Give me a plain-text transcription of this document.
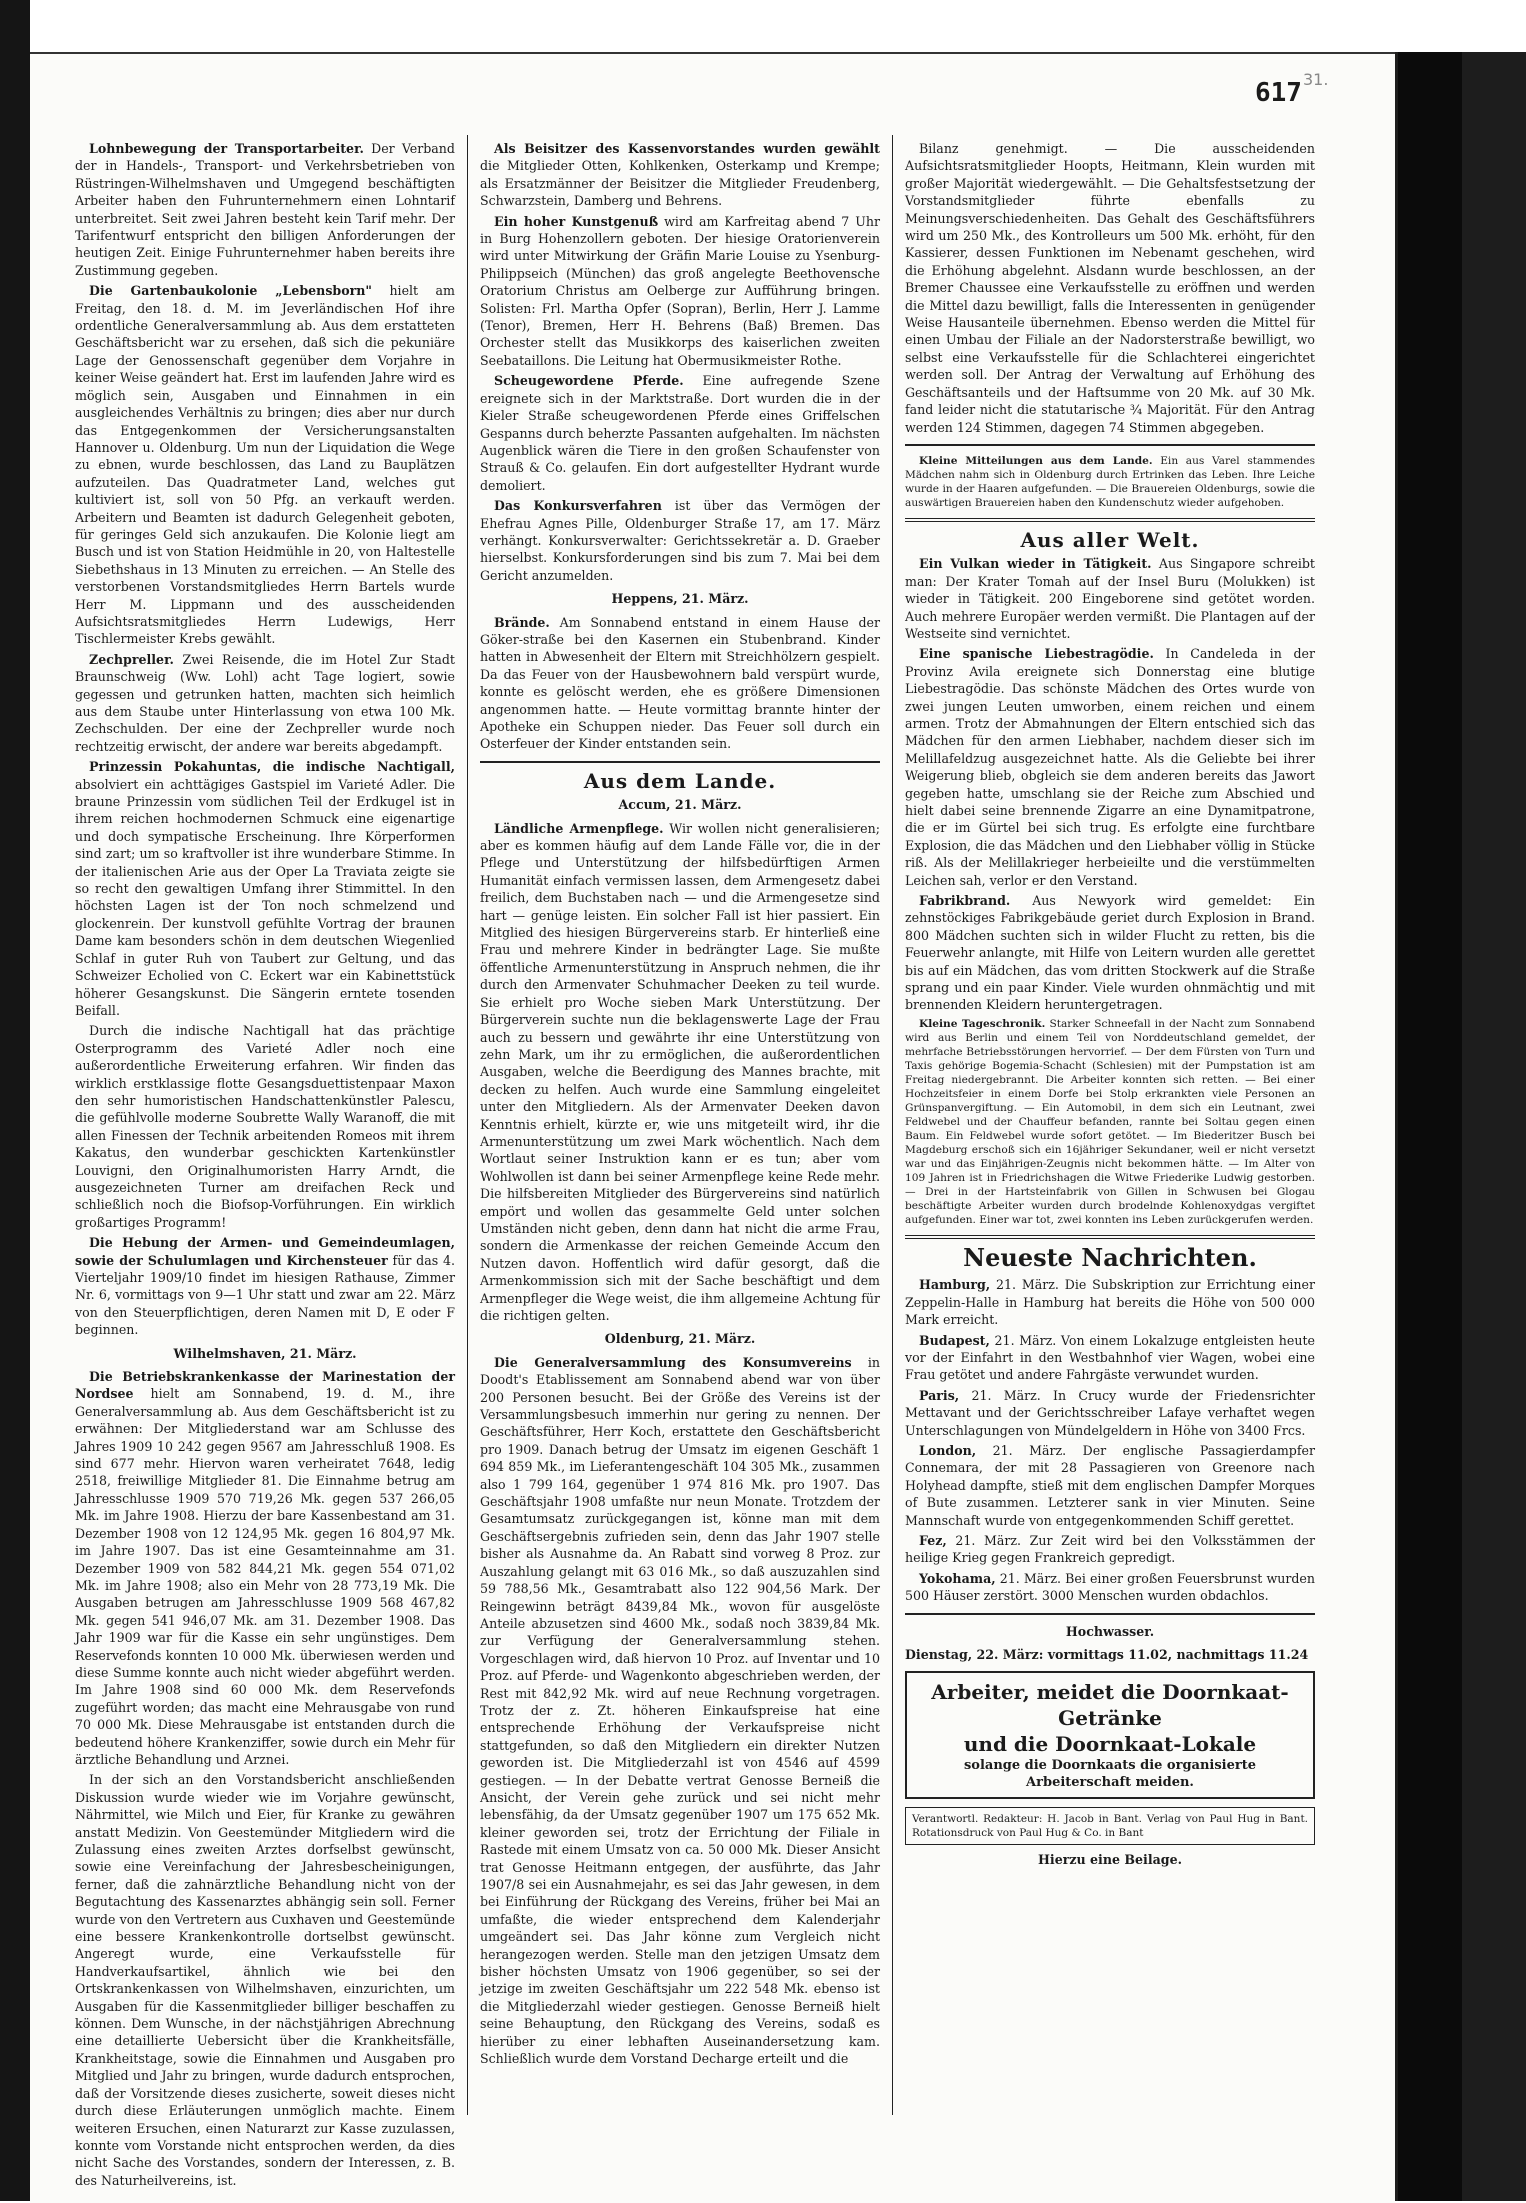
617 31.

Lohnbewegung der Transportarbeiter. Der Verband der in Handels-, Transport- und Verkehrsbetrieben von Rüstringen-Wilhelmshaven und Umgegend beschäftigten Arbeiter haben den Fuhrunternehmern einen Lohntarif unterbreitet. Seit zwei Jahren besteht kein Tarif mehr. Der Tarifentwurf entspricht den billigen Anforderungen der heutigen Zeit. Einige Fuhrunternehmer haben bereits ihre Zustimmung gegeben.

Die Gartenbaukolonie „Lebensborn" hielt am Freitag, den 18. d. M. im Jeverländischen Hof ihre ordentliche Generalversammlung ab. Aus dem erstatteten Geschäftsbericht war zu ersehen, daß sich die pekuniäre Lage der Genossenschaft gegenüber dem Vorjahre in keiner Weise geändert hat. Erst im laufenden Jahre wird es möglich sein, Ausgaben und Einnahmen in ein ausgleichendes Verhältnis zu bringen; dies aber nur durch das Entgegenkommen der Versicherungsanstalten Hannover u. Oldenburg. Um nun der Liquidation die Wege zu ebnen, wurde beschlossen, das Land zu Bauplätzen aufzuteilen. Das Quadratmeter Land, welches gut kultiviert ist, soll von 50 Pfg. an verkauft werden. Arbeitern und Beamten ist dadurch Gelegenheit geboten, für geringes Geld sich anzukaufen. Die Kolonie liegt am Busch und ist von Station Heidmühle in 20, von Haltestelle Siebethshaus in 13 Minuten zu erreichen. — An Stelle des verstorbenen Vorstandsmitgliedes Herrn Bartels wurde Herr M. Lippmann und des ausscheidenden Aufsichtsratsmitgliedes Herrn Ludewigs, Herr Tischlermeister Krebs gewählt.

Zechpreller. Zwei Reisende, die im Hotel Zur Stadt Braunschweig (Ww. Lohl) acht Tage logiert, sowie gegessen und getrunken hatten, machten sich heimlich aus dem Staube unter Hinterlassung von etwa 100 Mk. Zechschulden. Der eine der Zechpreller wurde noch rechtzeitig erwischt, der andere war bereits abgedampft.

Prinzessin Pokahuntas, die indische Nachtigall, absolviert ein achttägiges Gastspiel im Varieté Adler. Die braune Prinzessin vom südlichen Teil der Erdkugel ist in ihrem reichen hochmodernen Schmuck eine eigenartige und doch sympatische Erscheinung. Ihre Körperformen sind zart; um so kraftvoller ist ihre wunderbare Stimme. In der italienischen Arie aus der Oper La Traviata zeigte sie so recht den gewaltigen Umfang ihrer Stimmittel. In den höchsten Lagen ist der Ton noch schmelzend und glockenrein. Der kunstvoll gefühlte Vortrag der braunen Dame kam besonders schön in dem deutschen Wiegenlied Schlaf in guter Ruh von Taubert zur Geltung, und das Schweizer Echolied von C. Eckert war ein Kabinettstück höherer Gesangskunst. Die Sängerin erntete tosenden Beifall.

Durch die indische Nachtigall hat das prächtige Osterprogramm des Varieté Adler noch eine außerordentliche Erweiterung erfahren. Wir finden das wirklich erstklassige flotte Gesangsduettistenpaar Maxon den sehr humoristischen Handschattenkünstler Palescu, die gefühlvolle moderne Soubrette Wally Waranoff, die mit allen Finessen der Technik arbeitenden Romeos mit ihrem Kakatus, den wunderbar geschickten Kartenkünstler Louvigni, den Originalhumoristen Harry Arndt, die ausgezeichneten Turner am dreifachen Reck und schließlich noch die Biofsop-Vorführungen. Ein wirklich großartiges Programm!

Die Hebung der Armen- und Gemeindeumlagen, sowie der Schulumlagen und Kirchensteuer für das 4. Vierteljahr 1909/10 findet im hiesigen Rathause, Zimmer Nr. 6, vormittags von 9—1 Uhr statt und zwar am 22. März von den Steuerpflichtigen, deren Namen mit D, E oder F beginnen.

Wilhelmshaven, 21. März.

Die Betriebskrankenkasse der Marinestation der Nordsee hielt am Sonnabend, 19. d. M., ihre Generalversammlung ab. Aus dem Geschäftsbericht ist zu erwähnen: Der Mitgliederstand war am Schlusse des Jahres 1909 10 242 gegen 9567 am Jahresschluß 1908. Es sind 677 mehr. Hiervon waren verheiratet 7648, ledig 2518, freiwillige Mitglieder 81. Die Einnahme betrug am Jahresschlusse 1909 570 719,26 Mk. gegen 537 266,05 Mk. im Jahre 1908. Hierzu der bare Kassenbestand am 31. Dezember 1908 von 12 124,95 Mk. gegen 16 804,97 Mk. im Jahre 1907. Das ist eine Gesamteinnahme am 31. Dezember 1909 von 582 844,21 Mk. gegen 554 071,02 Mk. im Jahre 1908; also ein Mehr von 28 773,19 Mk. Die Ausgaben betrugen am Jahresschlusse 1909 568 467,82 Mk. gegen 541 946,07 Mk. am 31. Dezember 1908. Das Jahr 1909 war für die Kasse ein sehr ungünstiges. Dem Reservefonds konnten 10 000 Mk. überwiesen werden und diese Summe konnte auch nicht wieder abgeführt werden. Im Jahre 1908 sind 60 000 Mk. dem Reservefonds zugeführt worden; das macht eine Mehrausgabe von rund 70 000 Mk. Diese Mehrausgabe ist entstanden durch die bedeutend höhere Krankenziffer, sowie durch ein Mehr für ärztliche Behandlung und Arznei.

In der sich an den Vorstandsbericht anschließenden Diskussion wurde wieder wie im Vorjahre gewünscht, Nährmittel, wie Milch und Eier, für Kranke zu gewähren anstatt Medizin. Von Geestemünder Mitgliedern wird die Zulassung eines zweiten Arztes dorfselbst gewünscht, sowie eine Vereinfachung der Jahresbescheinigungen, ferner, daß die zahnärztliche Behandlung nicht von der Begutachtung des Kassenarztes abhängig sein soll. Ferner wurde von den Vertretern aus Cuxhaven und Geestemünde eine bessere Krankenkontrolle dortselbst gewünscht. Angeregt wurde, eine Verkaufsstelle für Handverkaufsartikel, ähnlich wie bei den Ortskrankenkassen von Wilhelmshaven, einzurichten, um Ausgaben für die Kassenmitglieder billiger beschaffen zu können. Dem Wunsche, in der nächstjährigen Abrechnung eine detaillierte Uebersicht über die Krankheitsfälle, Krankheitstage, sowie die Einnahmen und Ausgaben pro Mitglied und Jahr zu bringen, wurde dadurch entsprochen, daß der Vorsitzende dieses zusicherte, soweit dieses nicht durch diese Erläuterungen unmöglich machte. Einem weiteren Ersuchen, einen Naturarzt zur Kasse zuzulassen, konnte vom Vorstande nicht entsprochen werden, da dies nicht Sache des Vorstandes, sondern der Interessen, z. B. des Naturheilvereins, ist.

Als Beisitzer des Kassenvorstandes wurden gewählt die Mitglieder Otten, Kohlkenken, Osterkamp und Krempe; als Ersatzmänner der Beisitzer die Mitglieder Freudenberg, Schwarzstein, Damberg und Behrens.

Ein hoher Kunstgenuß wird am Karfreitag abend 7 Uhr in Burg Hohenzollern geboten. Der hiesige Oratorienverein wird unter Mitwirkung der Gräfin Marie Louise zu Ysenburg-Philippseich (München) das groß angelegte Beethovensche Oratorium Christus am Oelberge zur Aufführung bringen. Solisten: Frl. Martha Opfer (Sopran), Berlin, Herr J. Lamme (Tenor), Bremen, Herr H. Behrens (Baß) Bremen. Das Orchester stellt das Musikkorps des kaiserlichen zweiten Seebataillons. Die Leitung hat Obermusikmeister Rothe.

Scheugewordene Pferde. Eine aufregende Szene ereignete sich in der Marktstraße. Dort wurden die in der Kieler Straße scheugewordenen Pferde eines Griffelschen Gespanns durch beherzte Passanten aufgehalten. Im nächsten Augenblick wären die Tiere in den großen Schaufenster von Strauß & Co. gelaufen. Ein dort aufgestellter Hydrant wurde demoliert.

Das Konkursverfahren ist über das Vermögen der Ehefrau Agnes Pille, Oldenburger Straße 17, am 17. März verhängt. Konkursverwalter: Gerichtssekretär a. D. Graeber hierselbst. Konkursforderungen sind bis zum 7. Mai bei dem Gericht anzumelden.

Heppens, 21. März.

Brände. Am Sonnabend entstand in einem Hause der Göker-straße bei den Kasernen ein Stubenbrand. Kinder hatten in Abwesenheit der Eltern mit Streichhölzern gespielt. Da das Feuer von der Hausbewohnern bald verspürt wurde, konnte es gelöscht werden, ehe es größere Dimensionen angenommen hatte. — Heute vormittag brannte hinter der Apotheke ein Schuppen nieder. Das Feuer soll durch ein Osterfeuer der Kinder entstanden sein.

Aus dem Lande.

Accum, 21. März.

Ländliche Armenpflege. Wir wollen nicht generalisieren; aber es kommen häufig auf dem Lande Fälle vor, die in der Pflege und Unterstützung der hilfsbedürftigen Armen Humanität einfach vermissen lassen, dem Armengesetz dabei freilich, dem Buchstaben nach — und die Armengesetze sind hart — genüge leisten. Ein solcher Fall ist hier passiert. Ein Mitglied des hiesigen Bürgervereins starb. Er hinterließ eine Frau und mehrere Kinder in bedrängter Lage. Sie mußte öffentliche Armenunterstützung in Anspruch nehmen, die ihr durch den Armenvater Schuhmacher Deeken zu teil wurde. Sie erhielt pro Woche sieben Mark Unterstützung. Der Bürgerverein suchte nun die beklagenswerte Lage der Frau auch zu bessern und gewährte ihr eine Unterstützung von zehn Mark, um ihr zu ermöglichen, die außerordentlichen Ausgaben, welche die Beerdigung des Mannes brachte, mit decken zu helfen. Auch wurde eine Sammlung eingeleitet unter den Mitgliedern. Als der Armenvater Deeken davon Kenntnis erhielt, kürzte er, wie uns mitgeteilt wird, ihr die Armenunterstützung um zwei Mark wöchentlich. Nach dem Wortlaut seiner Instruktion kann er es tun; aber vom Wohlwollen ist dann bei seiner Armenpflege keine Rede mehr. Die hilfsbereiten Mitglieder des Bürgervereins sind natürlich empört und wollen das gesammelte Geld unter solchen Umständen nicht geben, denn dann hat nicht die arme Frau, sondern die Armenkasse der reichen Gemeinde Accum den Nutzen davon. Hoffentlich wird dafür gesorgt, daß die Armenkommission sich mit der Sache beschäftigt und dem Armenpfleger die Wege weist, die ihm allgemeine Achtung für die richtigen gelten.

Oldenburg, 21. März.

Die Generalversammlung des Konsumvereins in Doodt's Etablissement am Sonnabend abend war von über 200 Personen besucht. Bei der Größe des Vereins ist der Versammlungsbesuch immerhin nur gering zu nennen. Der Geschäftsführer, Herr Koch, erstattete den Geschäftsbericht pro 1909. Danach betrug der Umsatz im eigenen Geschäft 1 694 859 Mk., im Lieferantengeschäft 104 305 Mk., zusammen also 1 799 164, gegenüber 1 974 816 Mk. pro 1907. Das Geschäftsjahr 1908 umfaßte nur neun Monate. Trotzdem der Gesamtumsatz zurückgegangen ist, könne man mit dem Geschäftsergebnis zufrieden sein, denn das Jahr 1907 stelle bisher als Ausnahme da. An Rabatt sind vorweg 8 Proz. zur Auszahlung gelangt mit 63 016 Mk., so daß auszuzahlen sind 59 788,56 Mk., Gesamtrabatt also 122 904,56 Mark. Der Reingewinn beträgt 8439,84 Mk., wovon für ausgelöste Anteile abzusetzen sind 4600 Mk., sodaß noch 3839,84 Mk. zur Verfügung der Generalversammlung stehen. Vorgeschlagen wird, daß hiervon 10 Proz. auf Inventar und 10 Proz. auf Pferde- und Wagenkonto abgeschrieben werden, der Rest mit 842,92 Mk. wird auf neue Rechnung vorgetragen. Trotz der z. Zt. höheren Einkaufspreise hat eine entsprechende Erhöhung der Verkaufspreise nicht stattgefunden, so daß den Mitgliedern ein direkter Nutzen geworden ist. Die Mitgliederzahl ist von 4546 auf 4599 gestiegen. — In der Debatte vertrat Genosse Berneiß die Ansicht, der Verein gehe zurück und sei nicht mehr lebensfähig, da der Umsatz gegenüber 1907 um 175 652 Mk. kleiner geworden sei, trotz der Errichtung der Filiale in Rastede mit einem Umsatz von ca. 50 000 Mk. Dieser Ansicht trat Genosse Heitmann entgegen, der ausführte, das Jahr 1907/8 sei ein Ausnahmejahr, es sei das Jahr gewesen, in dem bei Einführung der Rückgang des Vereins, früher bei Mai an umfaßte, die wieder entsprechend dem Kalenderjahr umgeändert sei. Das Jahr könne zum Vergleich nicht herangezogen werden. Stelle man den jetzigen Umsatz dem bisher höchsten Umsatz von 1906 gegenüber, so sei der jetzige im zweiten Geschäftsjahr um 222 548 Mk. ebenso ist die Mitgliederzahl wieder gestiegen. Genosse Berneiß hielt seine Behauptung, den Rückgang des Vereins, sodaß es hierüber zu einer lebhaften Auseinandersetzung kam. Schließlich wurde dem Vorstand Decharge erteilt und die

Bilanz genehmigt. — Die ausscheidenden Aufsichtsratsmitglieder Hoopts, Heitmann, Klein wurden mit großer Majorität wiedergewählt. — Die Gehaltsfestsetzung der Vorstandsmitglieder führte ebenfalls zu Meinungsverschiedenheiten. Das Gehalt des Geschäftsführers wird um 250 Mk., des Kontrolleurs um 500 Mk. erhöht, für den Kassierer, dessen Funktionen im Nebenamt geschehen, wird die Erhöhung abgelehnt. Alsdann wurde beschlossen, an der Bremer Chaussee eine Verkaufsstelle zu eröffnen und werden die Mittel dazu bewilligt, falls die Interessenten in genügender Weise Hausanteile übernehmen. Ebenso werden die Mittel für einen Umbau der Filiale an der Nadorsterstraße bewilligt, wo selbst eine Verkaufsstelle für die Schlachterei eingerichtet werden soll. Der Antrag der Verwaltung auf Erhöhung des Geschäftsanteils und der Haftsumme von 20 Mk. auf 30 Mk. fand leider nicht die statutarische ¾ Majorität. Für den Antrag werden 124 Stimmen, dagegen 74 Stimmen abgegeben.

Kleine Mitteilungen aus dem Lande. Ein aus Varel stammendes Mädchen nahm sich in Oldenburg durch Ertrinken das Leben. Ihre Leiche wurde in der Haaren aufgefunden. — Die Brauereien Oldenburgs, sowie die auswärtigen Brauereien haben den Kundenschutz wieder aufgehoben.

Aus aller Welt.

Ein Vulkan wieder in Tätigkeit. Aus Singapore schreibt man: Der Krater Tomah auf der Insel Buru (Molukken) ist wieder in Tätigkeit. 200 Eingeborene sind getötet worden. Auch mehrere Europäer werden vermißt. Die Plantagen auf der Westseite sind vernichtet.

Eine spanische Liebestragödie. In Candeleda in der Provinz Avila ereignete sich Donnerstag eine blutige Liebestragödie. Das schönste Mädchen des Ortes wurde von zwei jungen Leuten umworben, einem reichen und einem armen. Trotz der Abmahnungen der Eltern entschied sich das Mädchen für den armen Liebhaber, nachdem dieser sich im Melillafeldzug ausgezeichnet hatte. Als die Geliebte bei ihrer Weigerung blieb, obgleich sie dem anderen bereits das Jawort gegeben hatte, umschlang sie der Reiche zum Abschied und hielt dabei seine brennende Zigarre an eine Dynamitpatrone, die er im Gürtel bei sich trug. Es erfolgte eine furchtbare Explosion, die das Mädchen und den Liebhaber völlig in Stücke riß. Als der Melillakrieger herbeieilte und die verstümmelten Leichen sah, verlor er den Verstand.

Fabrikbrand. Aus Newyork wird gemeldet: Ein zehnstöckiges Fabrikgebäude geriet durch Explosion in Brand. 800 Mädchen suchten sich in wilder Flucht zu retten, bis die Feuerwehr anlangte, mit Hilfe von Leitern wurden alle gerettet bis auf ein Mädchen, das vom dritten Stockwerk auf die Straße sprang und ein paar Kinder. Viele wurden ohnmächtig und mit brennenden Kleidern heruntergetragen.

Kleine Tageschronik. Starker Schneefall in der Nacht zum Sonnabend wird aus Berlin und einem Teil von Norddeutschland gemeldet, der mehrfache Betriebsstörungen hervorrief. — Der dem Fürsten von Turn und Taxis gehörige Bogemia-Schacht (Schlesien) mit der Pumpstation ist am Freitag niedergebrannt. Die Arbeiter konnten sich retten. — Bei einer Hochzeitsfeier in einem Dorfe bei Stolp erkrankten viele Personen an Grünspanvergiftung. — Ein Automobil, in dem sich ein Leutnant, zwei Feldwebel und der Chauffeur befanden, rannte bei Soltau gegen einen Baum. Ein Feldwebel wurde sofort getötet. — Im Biederitzer Busch bei Magdeburg erschoß sich ein 16jähriger Sekundaner, weil er nicht versetzt war und das Einjährigen-Zeugnis nicht bekommen hätte. — Im Alter von 109 Jahren ist in Friedrichshagen die Witwe Friederike Ludwig gestorben. — Drei in der Hartsteinfabrik von Gillen in Schwusen bei Glogau beschäftigte Arbeiter wurden durch brodelnde Kohlenoxydgas vergiftet aufgefunden. Einer war tot, zwei konnten ins Leben zurückgerufen werden.

Neueste Nachrichten.

Hamburg, 21. März. Die Subskription zur Errichtung einer Zeppelin-Halle in Hamburg hat bereits die Höhe von 500 000 Mark erreicht.

Budapest, 21. März. Von einem Lokalzuge entgleisten heute vor der Einfahrt in den Westbahnhof vier Wagen, wobei eine Frau getötet und andere Fahrgäste verwundet wurden.

Paris, 21. März. In Crucy wurde der Friedensrichter Mettavant und der Gerichtsschreiber Lafaye verhaftet wegen Unterschlagungen von Mündelgeldern in Höhe von 3400 Frcs.

London, 21. März. Der englische Passagierdampfer Connemara, der mit 28 Passagieren von Greenore nach Holyhead dampfte, stieß mit dem englischen Dampfer Morques of Bute zusammen. Letzterer sank in vier Minuten. Seine Mannschaft wurde von entgegenkommenden Schiff gerettet.

Fez, 21. März. Zur Zeit wird bei den Volksstämmen der heilige Krieg gegen Frankreich gepredigt.

Yokohama, 21. März. Bei einer großen Feuersbrunst wurden 500 Häuser zerstört. 3000 Menschen wurden obdachlos.

Hochwasser.

Dienstag, 22. März: vormittags 11.02, nachmittags 11.24

Arbeiter, meidet die Doornkaat-Getränke
und die Doornkaat-Lokale
solange die Doornkaats die organisierte Arbeiterschaft meiden.
Verantwortl. Redakteur: H. Jacob in Bant. Verlag von Paul Hug in Bant. Rotationsdruck von Paul Hug & Co. in Bant

Hierzu eine Beilage.
